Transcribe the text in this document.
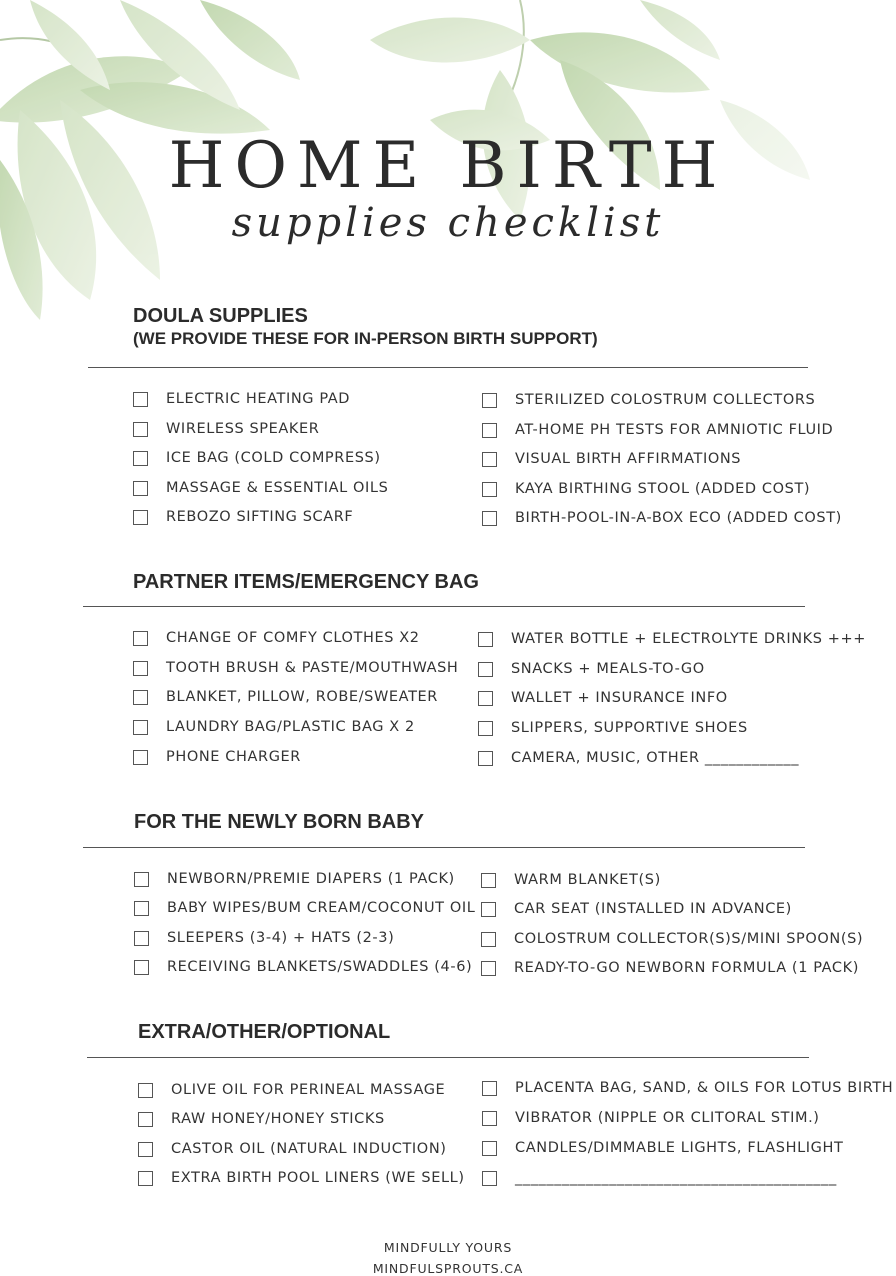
HOME BIRTH
supplies checklist
DOULA SUPPLIES
(WE PROVIDE THESE FOR IN-PERSON BIRTH SUPPORT)
ELECTRIC HEATING PAD
WIRELESS SPEAKER
ICE BAG (COLD COMPRESS)
MASSAGE & ESSENTIAL OILS
REBOZO SIFTING SCARF
STERILIZED COLOSTRUM COLLECTORS
AT-HOME PH TESTS FOR AMNIOTIC FLUID
VISUAL BIRTH AFFIRMATIONS
KAYA BIRTHING STOOL (ADDED COST)
BIRTH-POOL-IN-A-BOX ECO (ADDED COST)
PARTNER ITEMS/EMERGENCY BAG
CHANGE OF COMFY CLOTHES X2
TOOTH BRUSH & PASTE/MOUTHWASH
BLANKET, PILLOW, ROBE/SWEATER
LAUNDRY BAG/PLASTIC BAG X 2
PHONE CHARGER
WATER BOTTLE + ELECTROLYTE DRINKS +++
SNACKS + MEALS-TO-GO
WALLET + INSURANCE INFO
SLIPPERS, SUPPORTIVE SHOES
CAMERA, MUSIC, OTHER ____________
FOR THE NEWLY BORN BABY
NEWBORN/PREMIE DIAPERS (1 PACK)
BABY WIPES/BUM CREAM/COCONUT OIL
SLEEPERS (3-4) + HATS (2-3)
RECEIVING BLANKETS/SWADDLES (4-6)
WARM BLANKET(S)
CAR SEAT (INSTALLED IN ADVANCE)
COLOSTRUM COLLECTOR(S)S/MINI SPOON(S)
READY-TO-GO NEWBORN FORMULA (1 PACK)
EXTRA/OTHER/OPTIONAL
OLIVE OIL FOR PERINEAL MASSAGE
RAW HONEY/HONEY STICKS
CASTOR OIL (NATURAL INDUCTION)
EXTRA BIRTH POOL LINERS (WE SELL)
PLACENTA BAG, SAND, & OILS FOR LOTUS BIRTH
VIBRATOR (NIPPLE OR CLITORAL STIM.)
CANDLES/DIMMABLE LIGHTS, FLASHLIGHT
_________________________________________
MINDFULLY YOURS
MINDFULSPROUTS.CA
